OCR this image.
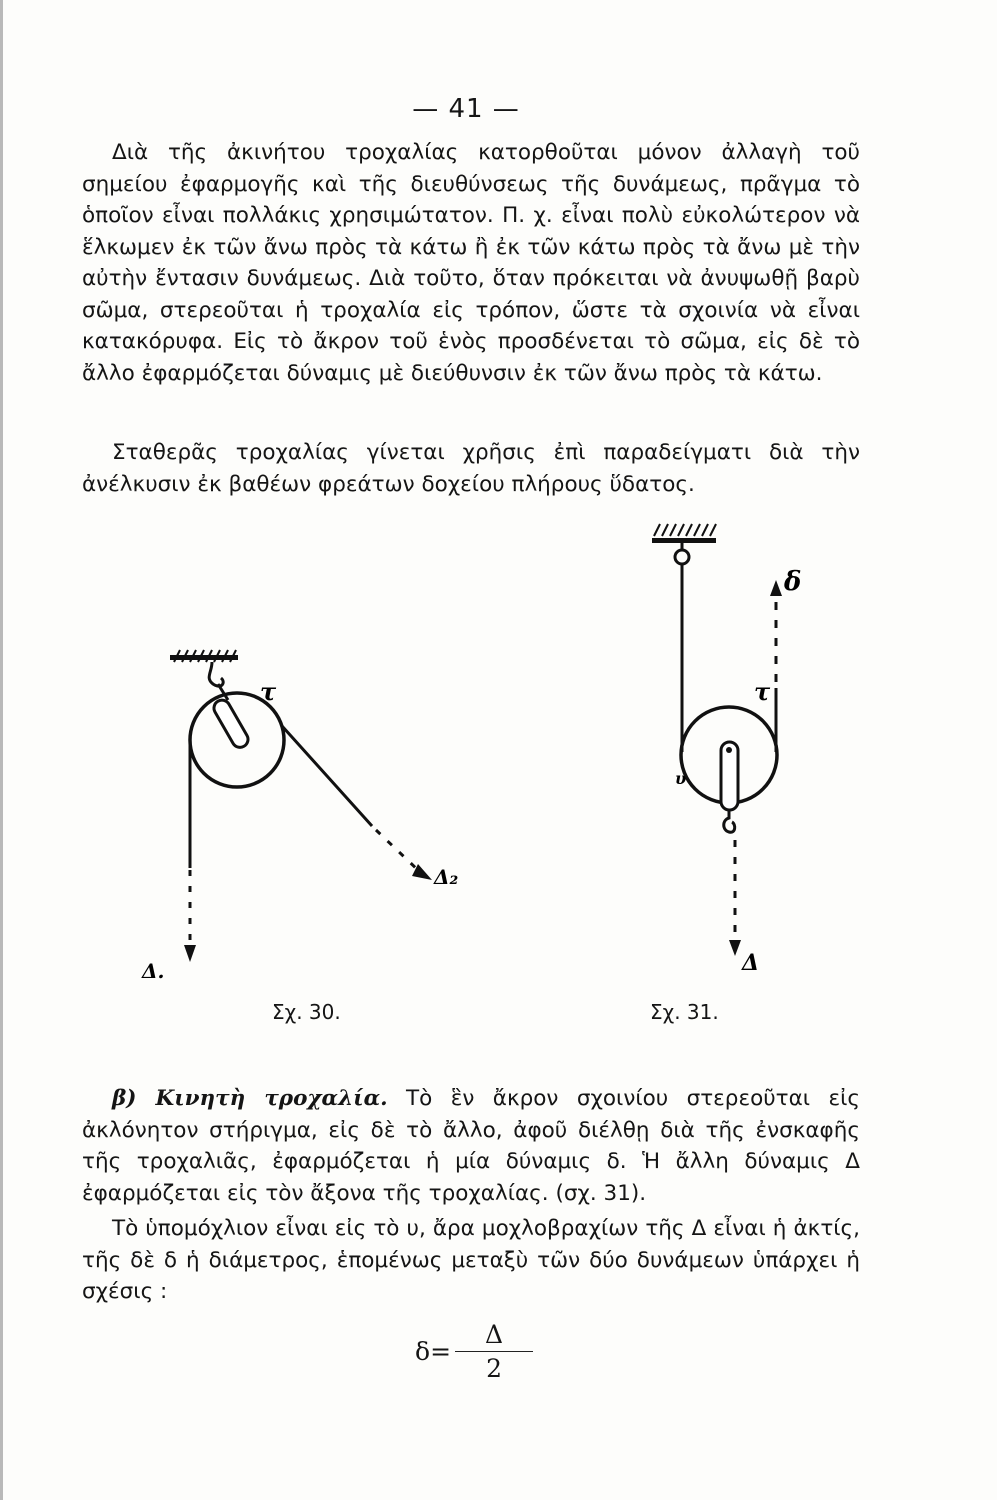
— 41 —

Διὰ τῆς ἀκινήτου τροχαλίας κατορθοῦται μόνον ἀλλαγὴ τοῦ σημείου ἐφαρμογῆς καὶ τῆς διευθύνσεως τῆς δυνάμεως, πρᾶγμα τὸ ὁποῖον εἶναι πολλάκις χρησιμώτατον. Π. χ. εἶναι πολὺ εὐκολώτερον νὰ ἕλκωμεν ἐκ τῶν ἄνω πρὸς τὰ κάτω ἢ ἐκ τῶν κάτω πρὸς τὰ ἄνω μὲ τὴν αὐτὴν ἔντασιν δυνάμεως. Διὰ τοῦτο, ὅταν πρόκειται νὰ ἀνυψωθῇ βαρὺ σῶμα, στερεοῦται ἡ τροχαλία εἰς τρόπον, ὥστε τὰ σχοινία νὰ εἶναι κατακόρυφα. Εἰς τὸ ἄκρον τοῦ ἑνὸς προσδένεται τὸ σῶμα, εἰς δὲ τὸ ἄλλο ἐφαρμόζεται δύναμις μὲ διεύθυνσιν ἐκ τῶν ἄνω πρὸς τὰ κάτω.

Σταθερᾶς τροχαλίας γίνεται χρῆσις ἐπὶ παραδείγματι διὰ τὴν ἀνέλκυσιν ἐκ βαθέων φρεάτων δοχείου πλήρους ὕδατος.

τ
Δ.
Δ₂
τ
υ
δ
Δ
Σχ. 30.	Σχ. 31.

β) Κινητὴ τροχαλία. Τὸ ἓν ἄκρον σχοινίου στερεοῦται εἰς ἀκλόνητον στήριγμα, εἰς δὲ τὸ ἄλλο, ἀφοῦ διέλθῃ διὰ τῆς ἐνσκαφῆς τῆς τροχαλιᾶς, ἐφαρμόζεται ἡ μία δύναμις δ. Ἡ ἄλλη δύναμις Δ ἐφαρμόζεται εἰς τὸν ἄξονα τῆς τροχαλίας. (σχ. 31).

Τὸ ὑπομόχλιον εἶναι εἰς τὸ υ, ἄρα μοχλοβραχίων τῆς Δ εἶναι ἡ ἀκτίς, τῆς δὲ δ ἡ διάμετρος, ἑπομένως μεταξὺ τῶν δύο δυνάμεων ὑπάρχει ἡ σχέσις :

$\delta = \frac{\Delta}{2}$
